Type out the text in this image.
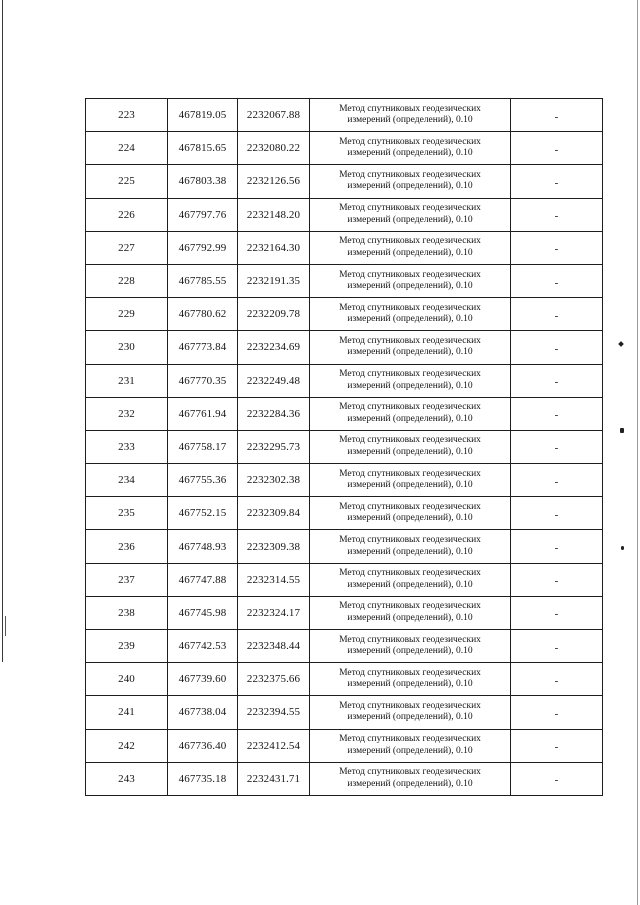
223	467819.05	2232067.88	Метод спутниковых геодезических
измерений (определений), 0.10	-
224	467815.65	2232080.22	Метод спутниковых геодезических
измерений (определений), 0.10	-
225	467803.38	2232126.56	Метод спутниковых геодезических
измерений (определений), 0.10	-
226	467797.76	2232148.20	Метод спутниковых геодезических
измерений (определений), 0.10	-
227	467792.99	2232164.30	Метод спутниковых геодезических
измерений (определений), 0.10	-
228	467785.55	2232191.35	Метод спутниковых геодезических
измерений (определений), 0.10	-
229	467780.62	2232209.78	Метод спутниковых геодезических
измерений (определений), 0.10	-
230	467773.84	2232234.69	Метод спутниковых геодезических
измерений (определений), 0.10	-
231	467770.35	2232249.48	Метод спутниковых геодезических
измерений (определений), 0.10	-
232	467761.94	2232284.36	Метод спутниковых геодезических
измерений (определений), 0.10	-
233	467758.17	2232295.73	Метод спутниковых геодезических
измерений (определений), 0.10	-
234	467755.36	2232302.38	Метод спутниковых геодезических
измерений (определений), 0.10	-
235	467752.15	2232309.84	Метод спутниковых геодезических
измерений (определений), 0.10	-
236	467748.93	2232309.38	Метод спутниковых геодезических
измерений (определений), 0.10	-
237	467747.88	2232314.55	Метод спутниковых геодезических
измерений (определений), 0.10	-
238	467745.98	2232324.17	Метод спутниковых геодезических
измерений (определений), 0.10	-
239	467742.53	2232348.44	Метод спутниковых геодезических
измерений (определений), 0.10	-
240	467739.60	2232375.66	Метод спутниковых геодезических
измерений (определений), 0.10	-
241	467738.04	2232394.55	Метод спутниковых геодезических
измерений (определений), 0.10	-
242	467736.40	2232412.54	Метод спутниковых геодезических
измерений (определений), 0.10	-
243	467735.18	2232431.71	Метод спутниковых геодезических
измерений (определений), 0.10	-
